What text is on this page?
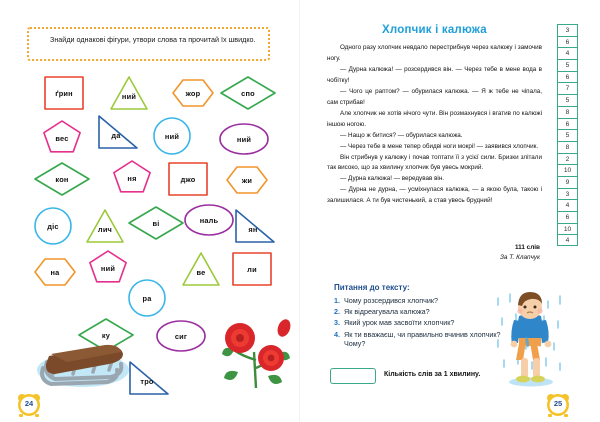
Знайди однакові фігури, утвори слова та прочитай їх швидко.
ґрин	ний	жор	спо
вес	да	ний	ний
кон	ня	джо	жи
діс	лич
ві	наль
ян
на	ний	ве	ли
ра
ку	сиг
тро
24
Хлопчик і калюжа

Одного разу хлопчик невдало перестрибнув через калюжу і замочив ногу.

— Дурна калюжа! — розсердився він. — Через тебе в мене вода в чобітку!

— Чого це раптом? — обурилася калюжа. — Я ж тебе не чіпала, сам стрибав!

Але хлопчик не хотів нічого чути. Він розмахнувся і вгатив по калюжі іншою ногою.

— Нащо ж битися? — обурилася калюжа.

— Через тебе в мене тепер обидві ноги мокрі! — заявився хлопчик.

Він стрибнув у калюжу і почав топтати її з усієї сили. Бризки злітали так високо, що за хвилину хлопчик був увесь мокрий.

— Дурна калюжа! — вередував він.

— Дурна не дурна, — усміхнулася калюжа, — а якою була, такою і залишилася. А ти був чистенький, а став увесь брудний!

111 слів
За Т. Клапчук
3
6
4
5
6
7
5
8
6
5
8
2
10
9
3
4
6
10
4
Питання до тексту:
1. Чому розсердився хлопчик?
2. Як відреагувала калюжа?
3. Який урок мав засвоїти хлопчик?
4. Як ти вважаєш, чи правильно вчинив хлопчик? Чому?
Кількість слів за 1 хвилину.
25
